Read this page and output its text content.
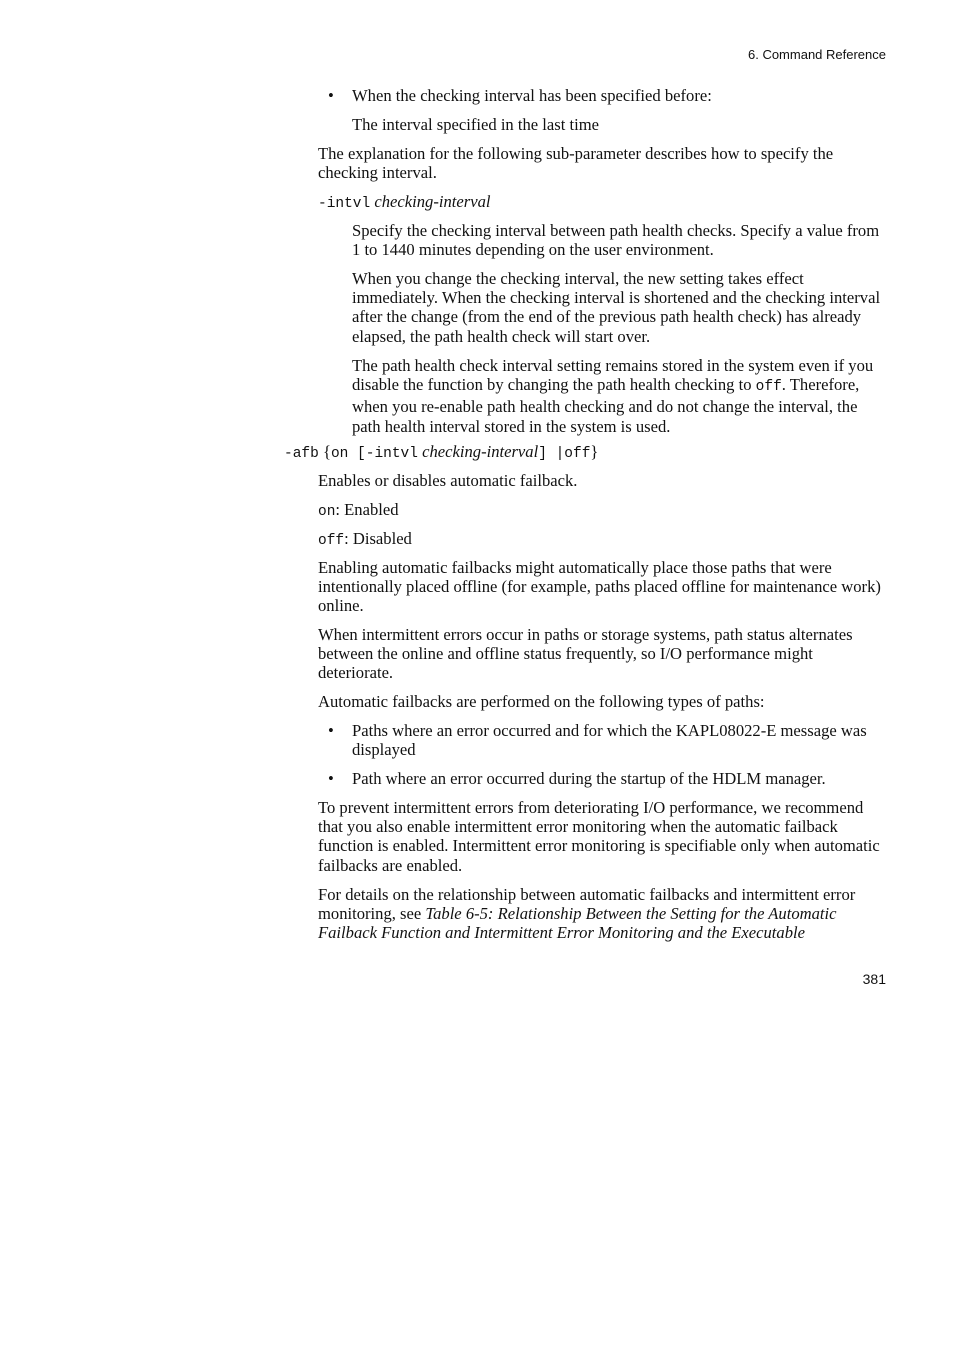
6. Command Reference
• When the checking interval has been specified before:

The interval specified in the last time

The explanation for the following sub-parameter describes how to specify the checking interval.

-intvl checking-interval

Specify the checking interval between path health checks. Specify a value from 1 to 1440 minutes depending on the user environment.

When you change the checking interval, the new setting takes effect immediately. When the checking interval is shortened and the checking interval after the change (from the end of the previous path health check) has already elapsed, the path health check will start over.

The path health check interval setting remains stored in the system even if you disable the function by changing the path health checking to off. Therefore, when you re-enable path health checking and do not change the interval, the path health interval stored in the system is used.

-afb {on [-intvl checking-interval] |off}

Enables or disables automatic failback.

on: Enabled

off: Disabled

Enabling automatic failbacks might automatically place those paths that were intentionally placed offline (for example, paths placed offline for maintenance work) online.

When intermittent errors occur in paths or storage systems, path status alternates between the online and offline status frequently, so I/O performance might deteriorate.

Automatic failbacks are performed on the following types of paths:

• Paths where an error occurred and for which the KAPL08022-E message was displayed

• Path where an error occurred during the startup of the HDLM manager.

To prevent intermittent errors from deteriorating I/O performance, we recommend that you also enable intermittent error monitoring when the automatic failback function is enabled. Intermittent error monitoring is specifiable only when automatic failbacks are enabled.

For details on the relationship between automatic failbacks and intermittent error monitoring, see Table 6-5: Relationship Between the Setting for the Automatic Failback Function and Intermittent Error Monitoring and the Executable

381
